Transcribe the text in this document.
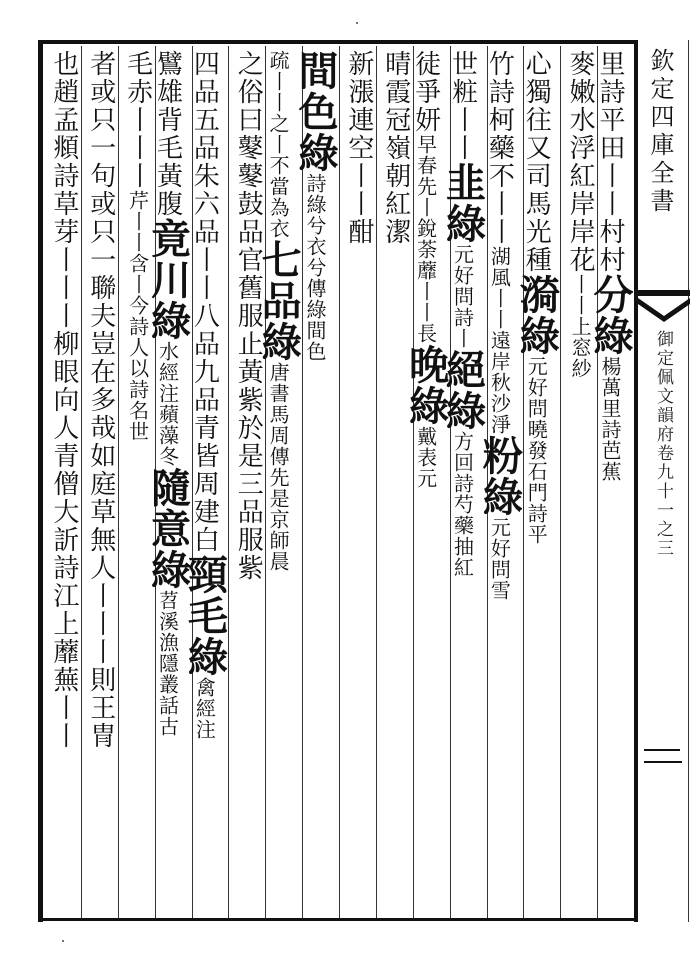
欽定四庫全書
御定佩文韻府卷九十一之三
里詩平田丨丨村村分綠楊萬里詩芭蕉
麥嫩水浮紅岸岸花丨丨上窓紗
心獨往又司馬光種漪綠元好問曉發石門詩平
竹詩柯藥不丨丨湖風丨丨遠岸秋沙淨粉綠元好問雪
世粧丨丨韭綠元好問詩丨絕綠方回詩芍藥抽紅
徒爭妍早春先丨銳荼蘼丨丨長晚綠戴表元
晴霞冠嶺朝紅潔
新漲連空丨丨酣
間色綠詩綠兮衣兮傳綠間色
疏丨丨之丨不當為衣七品綠唐書馬周傳先是京師晨
之俗曰鼕鼕鼓品官舊服止黃紫於是三品服紫
四品五品朱六品丨丨八品九品青皆周建白頸毛綠禽經注
鷿雄背毛黃腹竟川綠水經注蘋藻冬隨意綠苕溪漁隱叢話古
毛赤丨丨丨芹丨丨含丨今詩人以詩名世
者或只一句或只一聯夫豈在多哉如庭草無人丨丨丨則王冑
也趙孟頫詩草芽丨丨丨柳眼向人青僧大訢詩江上蘼蕪丨丨
